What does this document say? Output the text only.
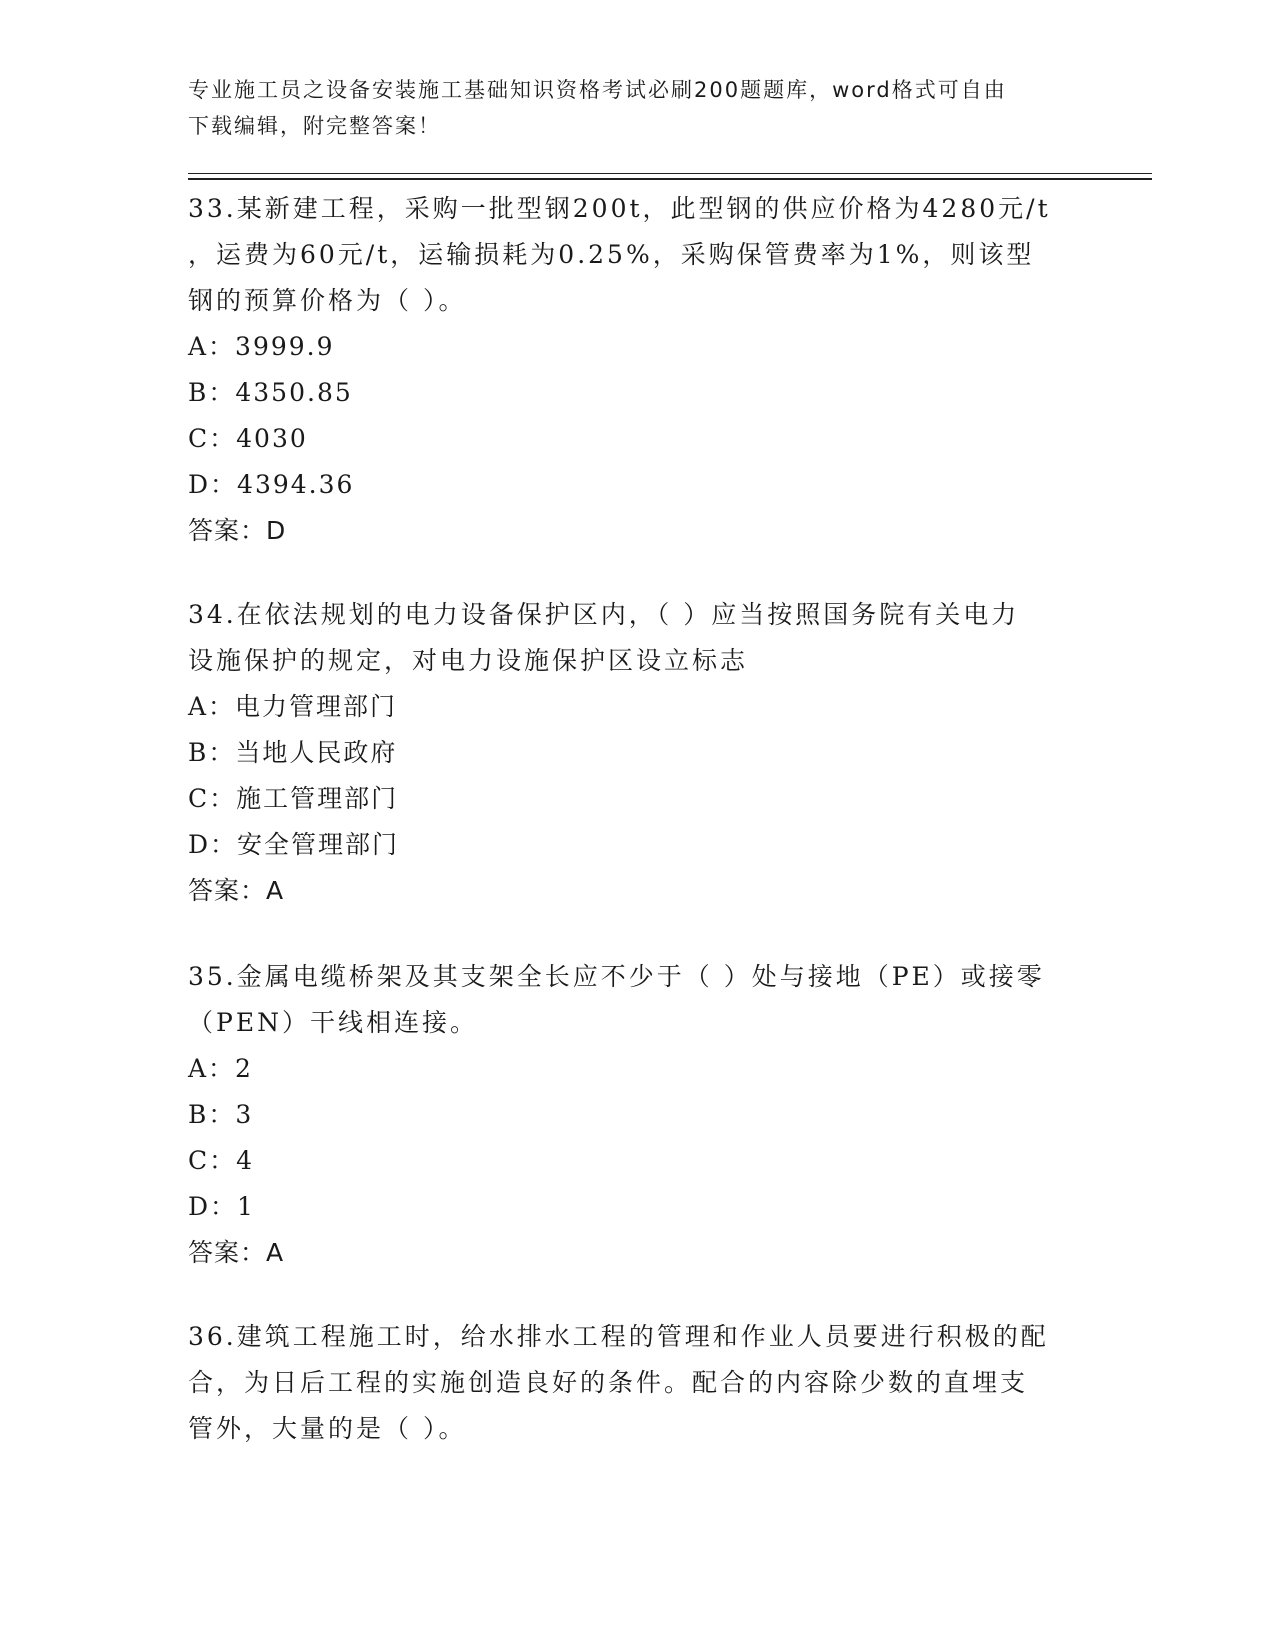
专业施工员之设备安装施工基础知识资格考试必刷200题题库，word格式可自由
下载编辑，附完整答案！

33.某新建工程，采购一批型钢200t，此型钢的供应价格为4280元/t

，运费为60元/t，运输损耗为0.25%，采购保管费率为1%，则该型

钢的预算价格为（ ）。

A：3999.9

B：4350.85

C：4030

D：4394.36

答案：D

34.在依法规划的电力设备保护区内，（ ）应当按照国务院有关电力

设施保护的规定，对电力设施保护区设立标志

A：电力管理部门

B：当地人民政府

C：施工管理部门

D：安全管理部门

答案：A

35.金属电缆桥架及其支架全长应不少于（ ）处与接地（PE）或接零

（PEN）干线相连接。

A：2

B：3

C：4

D：1

答案：A

36.建筑工程施工时，给水排水工程的管理和作业人员要进行积极的配

合，为日后工程的实施创造良好的条件。配合的内容除少数的直埋支

管外，大量的是（ ）。
